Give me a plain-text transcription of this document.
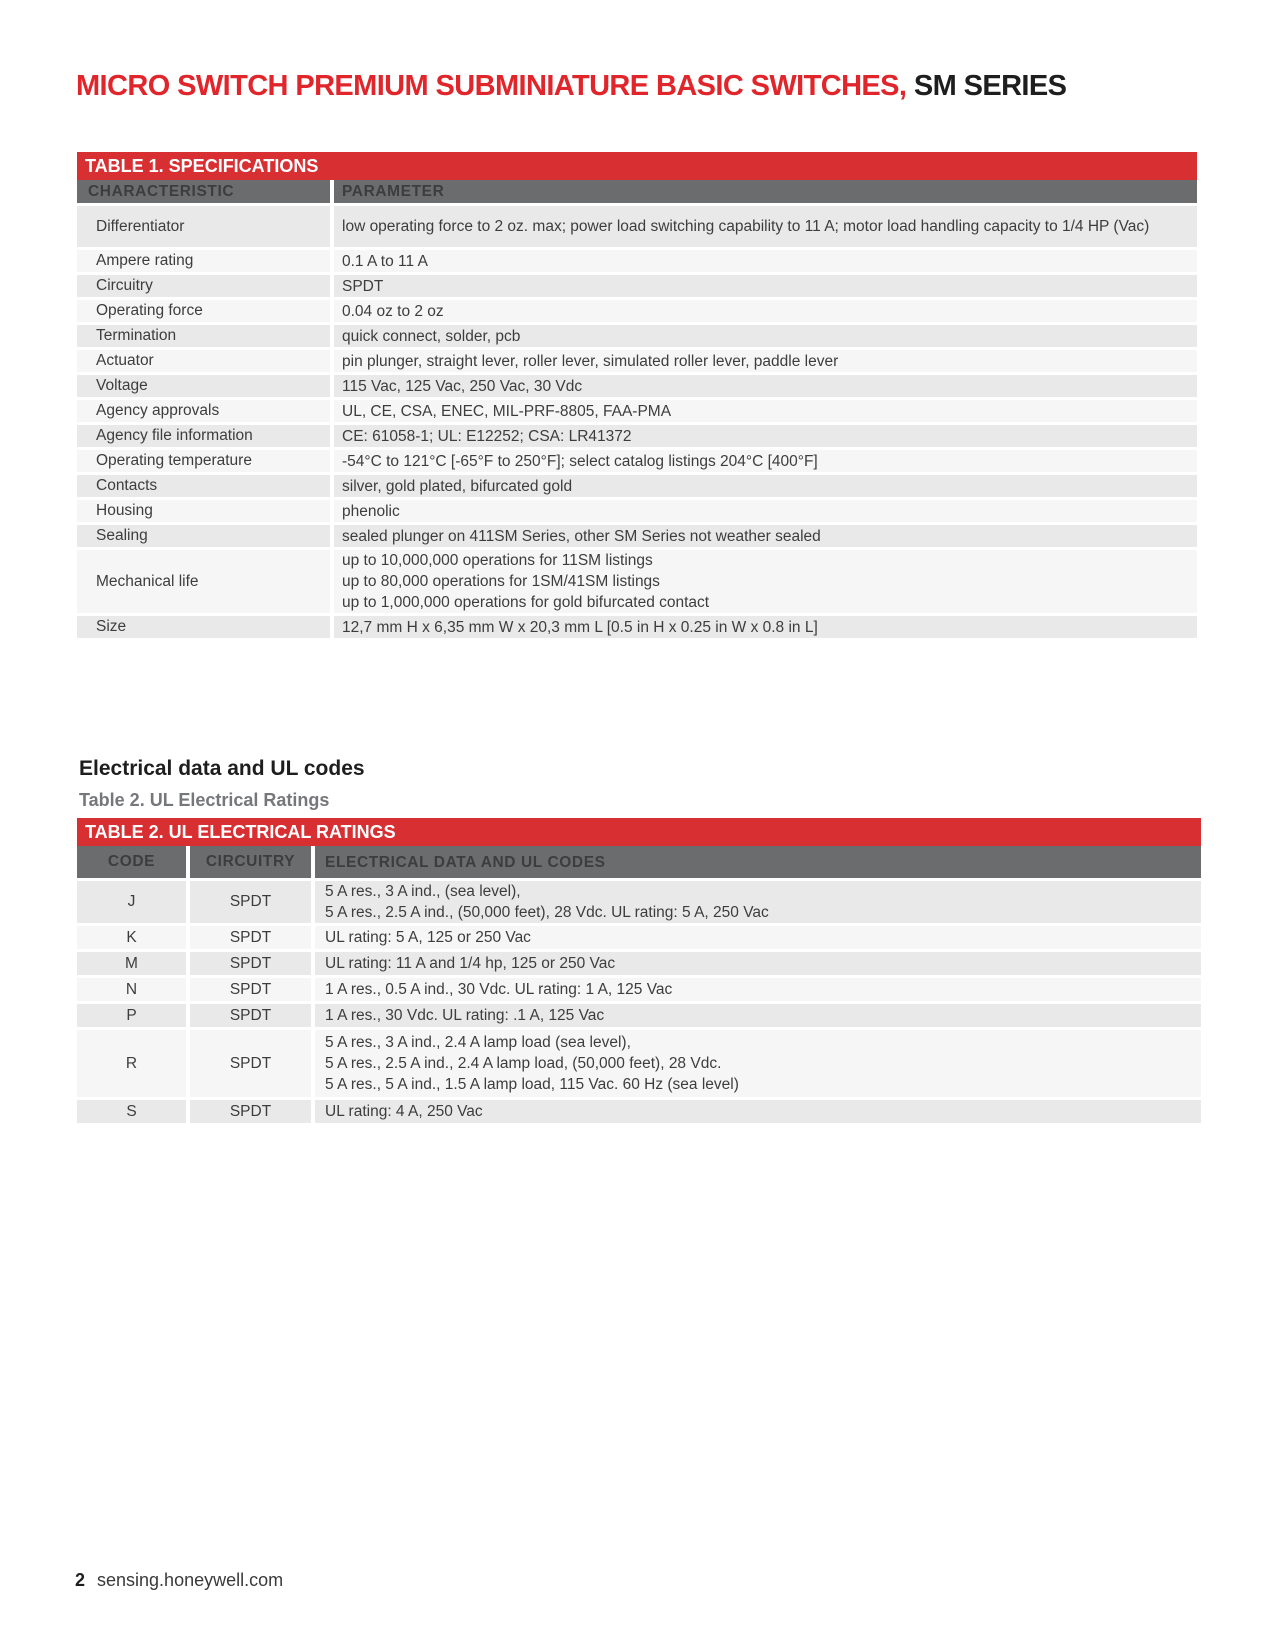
MICRO SWITCH PREMIUM SUBMINIATURE BASIC SWITCHES, SM SERIES
TABLE 1. SPECIFICATIONS	
CHARACTERISTIC	PARAMETER
Differentiator	low operating force to 2 oz. max; power load switching capability to 11 A; motor load handling capacity to 1/4 HP (Vac)
Ampere rating	0.1 A to 11 A
Circuitry	SPDT
Operating force	0.04 oz to 2 oz
Termination	quick connect, solder, pcb
Actuator	pin plunger, straight lever, roller lever, simulated roller lever, paddle lever
Voltage	115 Vac, 125 Vac, 250 Vac, 30 Vdc
Agency approvals	UL, CE, CSA, ENEC, MIL-PRF-8805, FAA-PMA
Agency file information	CE: 61058-1; UL: E12252; CSA: LR41372
Operating temperature	-54°C to 121°C [-65°F to 250°F]; select catalog listings 204°C [400°F]
Contacts	silver, gold plated, bifurcated gold
Housing	phenolic
Sealing	sealed plunger on 411SM Series, other SM Series not weather sealed
Mechanical life	up to 10,000,000 operations for 11SM listings
up to 80,000 operations for 1SM/41SM listings
up to 1,000,000 operations for gold bifurcated contact
Size	12,7 mm H x 6,35 mm W x 20,3 mm L [0.5 in H x 0.25 in W x 0.8 in L]
Electrical data and UL codes
Table 2. UL Electrical Ratings
TABLE 2. UL ELECTRICAL RATINGS		
CODE	CIRCUITRY	ELECTRICAL DATA AND UL CODES
J	SPDT	5 A res., 3 A ind., (sea level),
5 A res., 2.5 A ind., (50,000 feet), 28 Vdc. UL rating: 5 A, 250 Vac
K	SPDT	UL rating: 5 A, 125 or 250 Vac
M	SPDT	UL rating: 11 A and 1/4 hp, 125 or 250 Vac
N	SPDT	1 A res., 0.5 A ind., 30 Vdc. UL rating: 1 A, 125 Vac
P	SPDT	1 A res., 30 Vdc. UL rating: .1 A, 125 Vac
R	SPDT	5 A res., 3 A ind., 2.4 A lamp load (sea level),
5 A res., 2.5 A ind., 2.4 A lamp load, (50,000 feet), 28 Vdc.
5 A res., 5 A ind., 1.5 A lamp load, 115 Vac. 60 Hz (sea level)
S	SPDT	UL rating: 4 A, 250 Vac
2 sensing.honeywell.com
